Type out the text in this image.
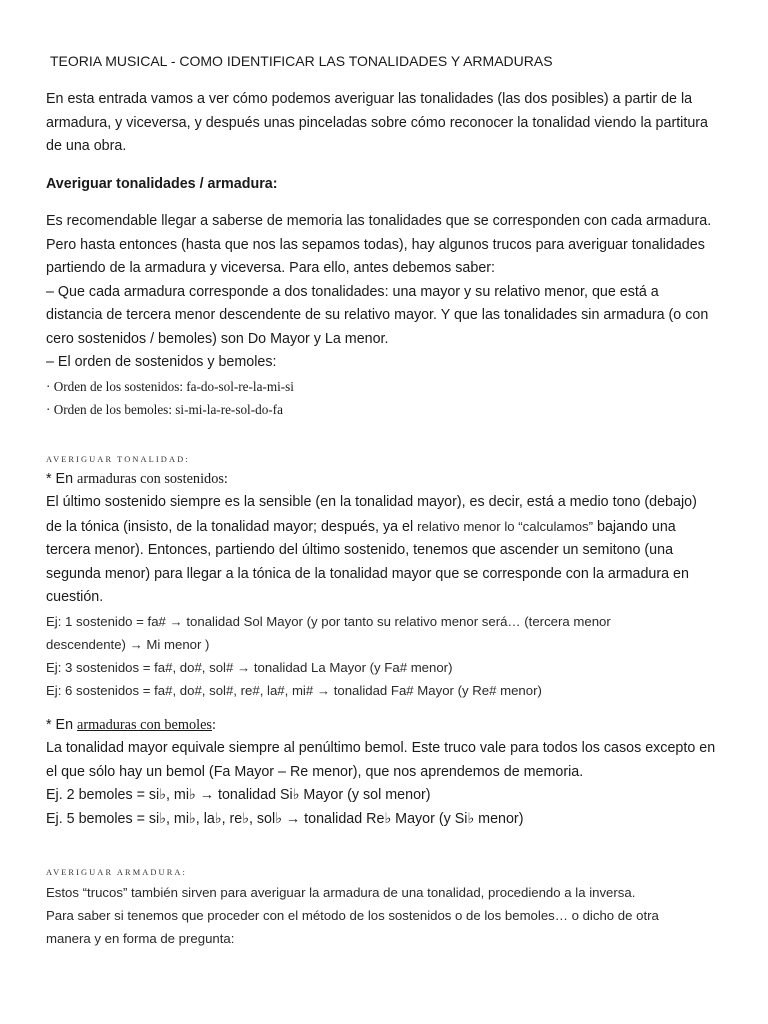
TEORIA MUSICAL - COMO IDENTIFICAR LAS TONALIDADES Y ARMADURAS

En esta entrada vamos a ver cómo podemos averiguar las tonalidades (las dos posibles) a partir de la

armadura, y viceversa, y después unas pinceladas sobre cómo reconocer la tonalidad viendo la partitura

de una obra.

Averiguar tonalidades / armadura:

Es recomendable llegar a saberse de memoria las tonalidades que se corresponden con cada armadura.

Pero hasta entonces (hasta que nos las sepamos todas), hay algunos trucos para averiguar tonalidades

partiendo de la armadura y viceversa. Para ello, antes debemos saber:

– Que cada armadura corresponde a dos tonalidades: una mayor y su relativo menor, que está a

distancia de tercera menor descendente de su relativo mayor. Y que las tonalidades sin armadura (o con

cero sostenidos / bemoles) son Do Mayor y La menor.

– El orden de sostenidos y bemoles:

· Orden de los sostenidos: fa-do-sol-re-la-mi-si

· Orden de los bemoles: si-mi-la-re-sol-do-fa

AVERIGUAR TONALIDAD:

* En armaduras con sostenidos:

El último sostenido siempre es la sensible (en la tonalidad mayor), es decir, está a medio tono (debajo)

de la tónica (insisto, de la tonalidad mayor; después, ya el relativo menor lo “calculamos” bajando una

tercera menor). Entonces, partiendo del último sostenido, tenemos que ascender un semitono (una

segunda menor) para llegar a la tónica de la tonalidad mayor que se corresponde con la armadura en

cuestión.

Ej: 1 sostenido = fa# → tonalidad Sol Mayor (y por tanto su relativo menor será… (tercera menor

descendente) → Mi menor )

Ej: 3 sostenidos = fa#, do#, sol# → tonalidad La Mayor (y Fa# menor)

Ej: 6 sostenidos = fa#, do#, sol#, re#, la#, mi# → tonalidad Fa# Mayor (y Re# menor)

* En armaduras con bemoles:

La tonalidad mayor equivale siempre al penúltimo bemol. Este truco vale para todos los casos excepto en

el que sólo hay un bemol (Fa Mayor – Re menor), que nos aprendemos de memoria.

Ej. 2 bemoles = si♭, mi♭ → tonalidad Si♭ Mayor (y sol menor)

Ej. 5 bemoles = si♭, mi♭, la♭, re♭, sol♭ → tonalidad Re♭ Mayor (y Si♭ menor)

AVERIGUAR ARMADURA:

Estos “trucos” también sirven para averiguar la armadura de una tonalidad, procediendo a la inversa.

Para saber si tenemos que proceder con el método de los sostenidos o de los bemoles… o dicho de otra

manera y en forma de pregunta:
